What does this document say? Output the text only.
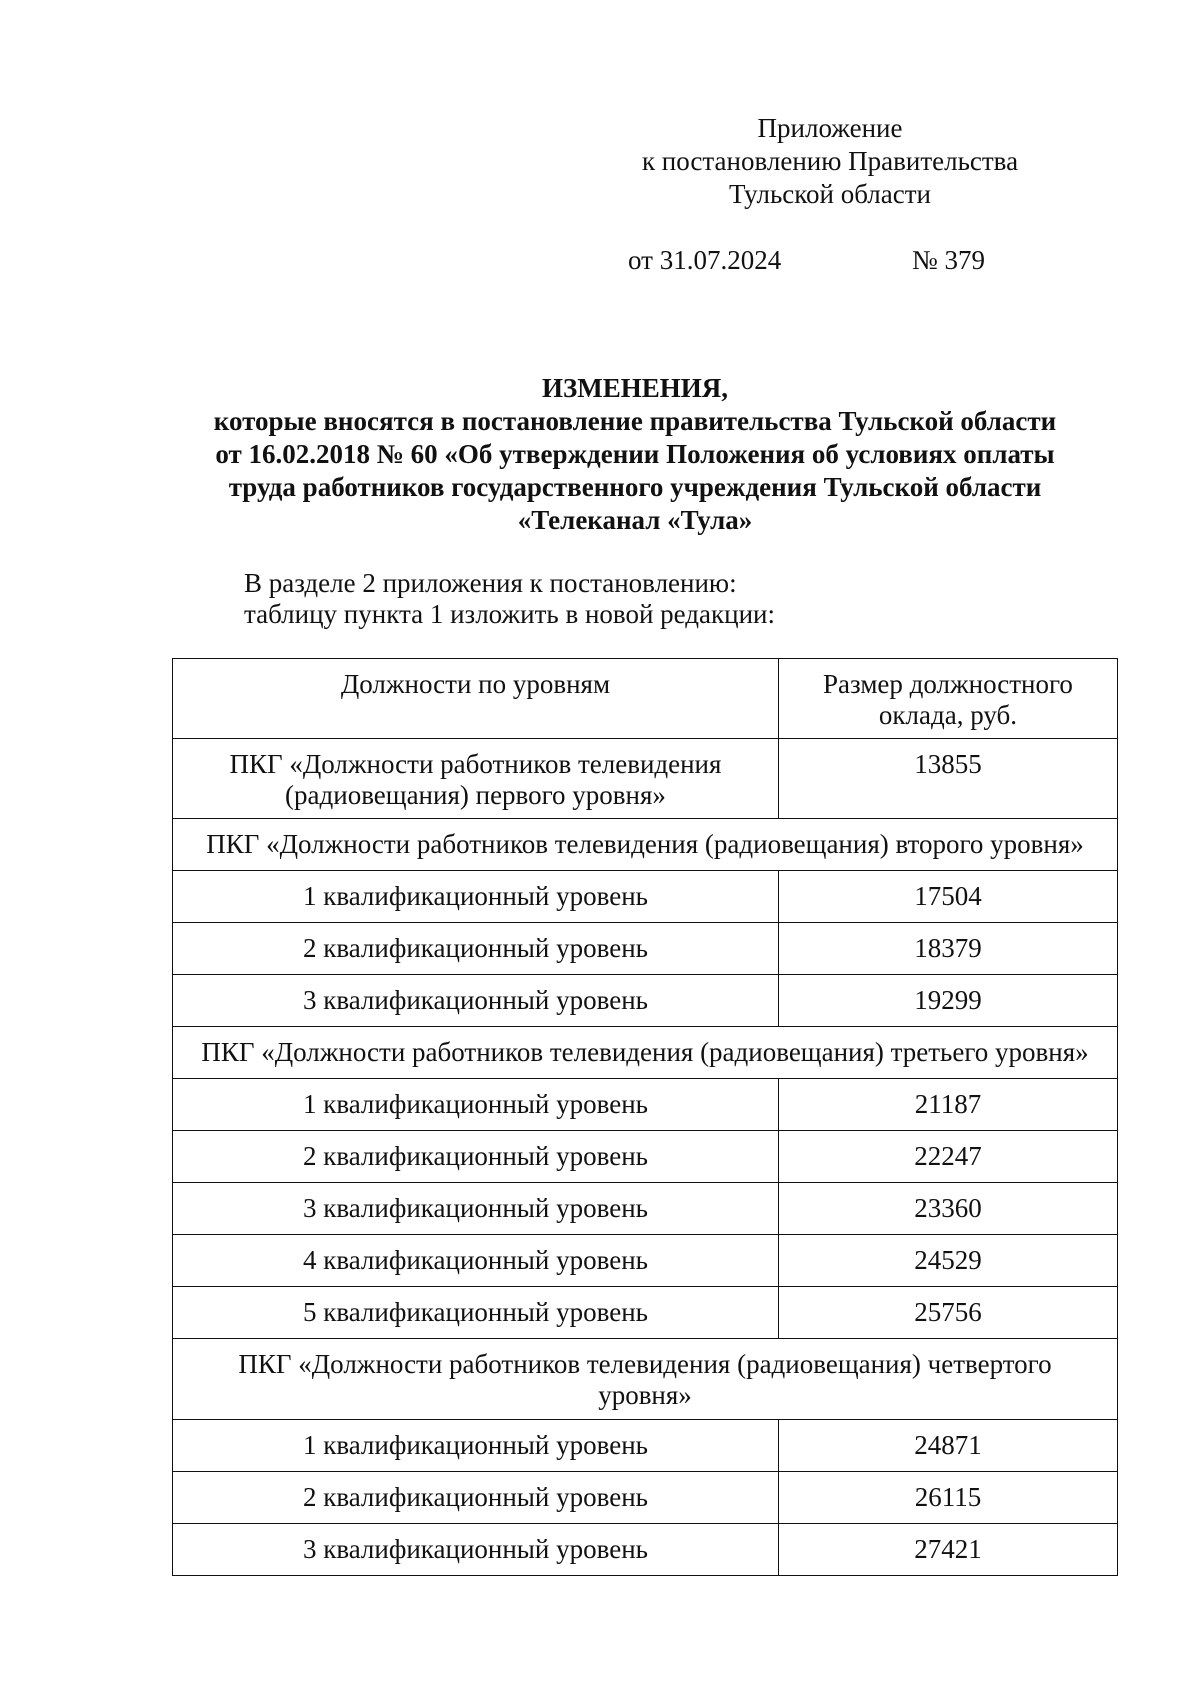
Приложение
к постановлению Правительства
Тульской области
от 31.07.2024	№ 379
ИЗМЕНЕНИЯ,
которые вносятся в постановление правительства Тульской области
от 16.02.2018 № 60 «Об утверждении Положения об условиях оплаты
труда работников государственного учреждения Тульской области
«Телеканал «Тула»
В разделе 2 приложения к постановлению:
таблицу пункта 1 изложить в новой редакции:
Должности по уровням	Размер должностного
оклада, руб.

ПКГ «Должности работников телевидения
(радиовещания) первого уровня»	13855
ПКГ «Должности работников телевидения (радиовещания) второго уровня»	
1 квалификационный уровень	17504
2 квалификационный уровень	18379
3 квалификационный уровень	19299
ПКГ «Должности работников телевидения (радиовещания) третьего уровня»	
1 квалификационный уровень	21187
2 квалификационный уровень	22247
3 квалификационный уровень	23360
4 квалификационный уровень	24529
5 квалификационный уровень	25756

ПКГ «Должности работников телевидения (радиовещания) четвертого
уровня»	

1 квалификационный уровень	24871
2 квалификационный уровень	26115
3 квалификационный уровень	27421
